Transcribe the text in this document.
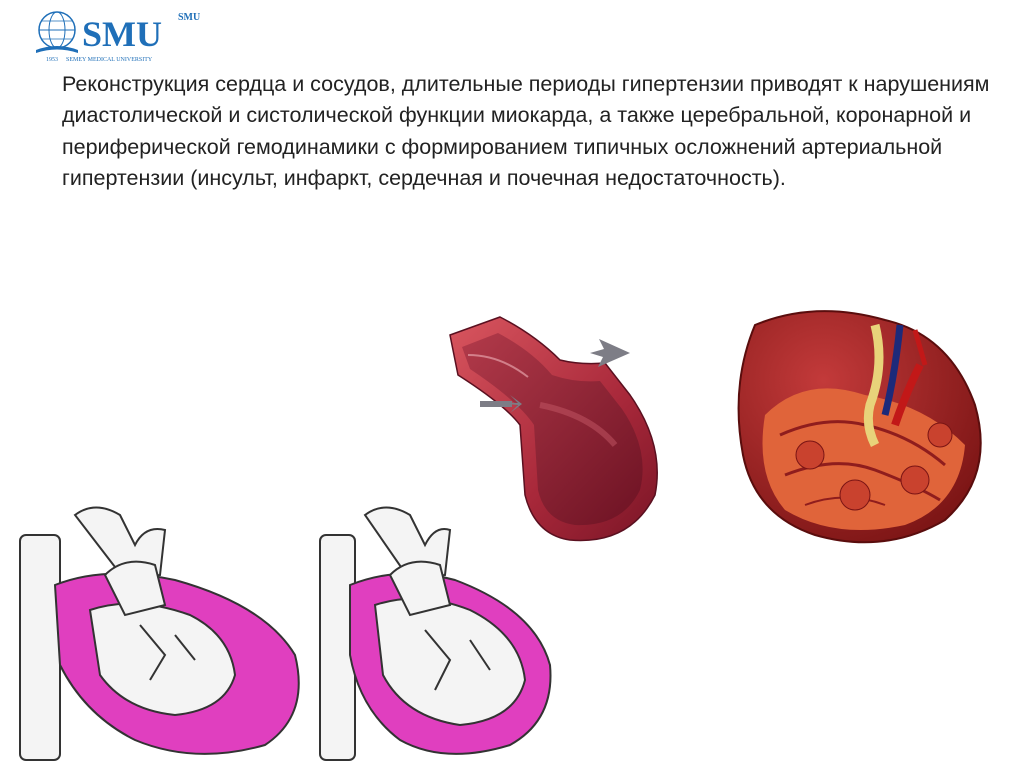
SMU SMU
1953 SEMEY MEDICAL UNIVERSITY

Реконструкция сердца и сосудов, длительные периоды гипертензии приводят к нарушениям диастолической и систолической функции миокарда, а также церебральной, коронарной и периферической гемодинамики с формированием типичных осложнений артериальной гипертензии (инсульт, инфаркт, сердечная и почечная недостаточность).
